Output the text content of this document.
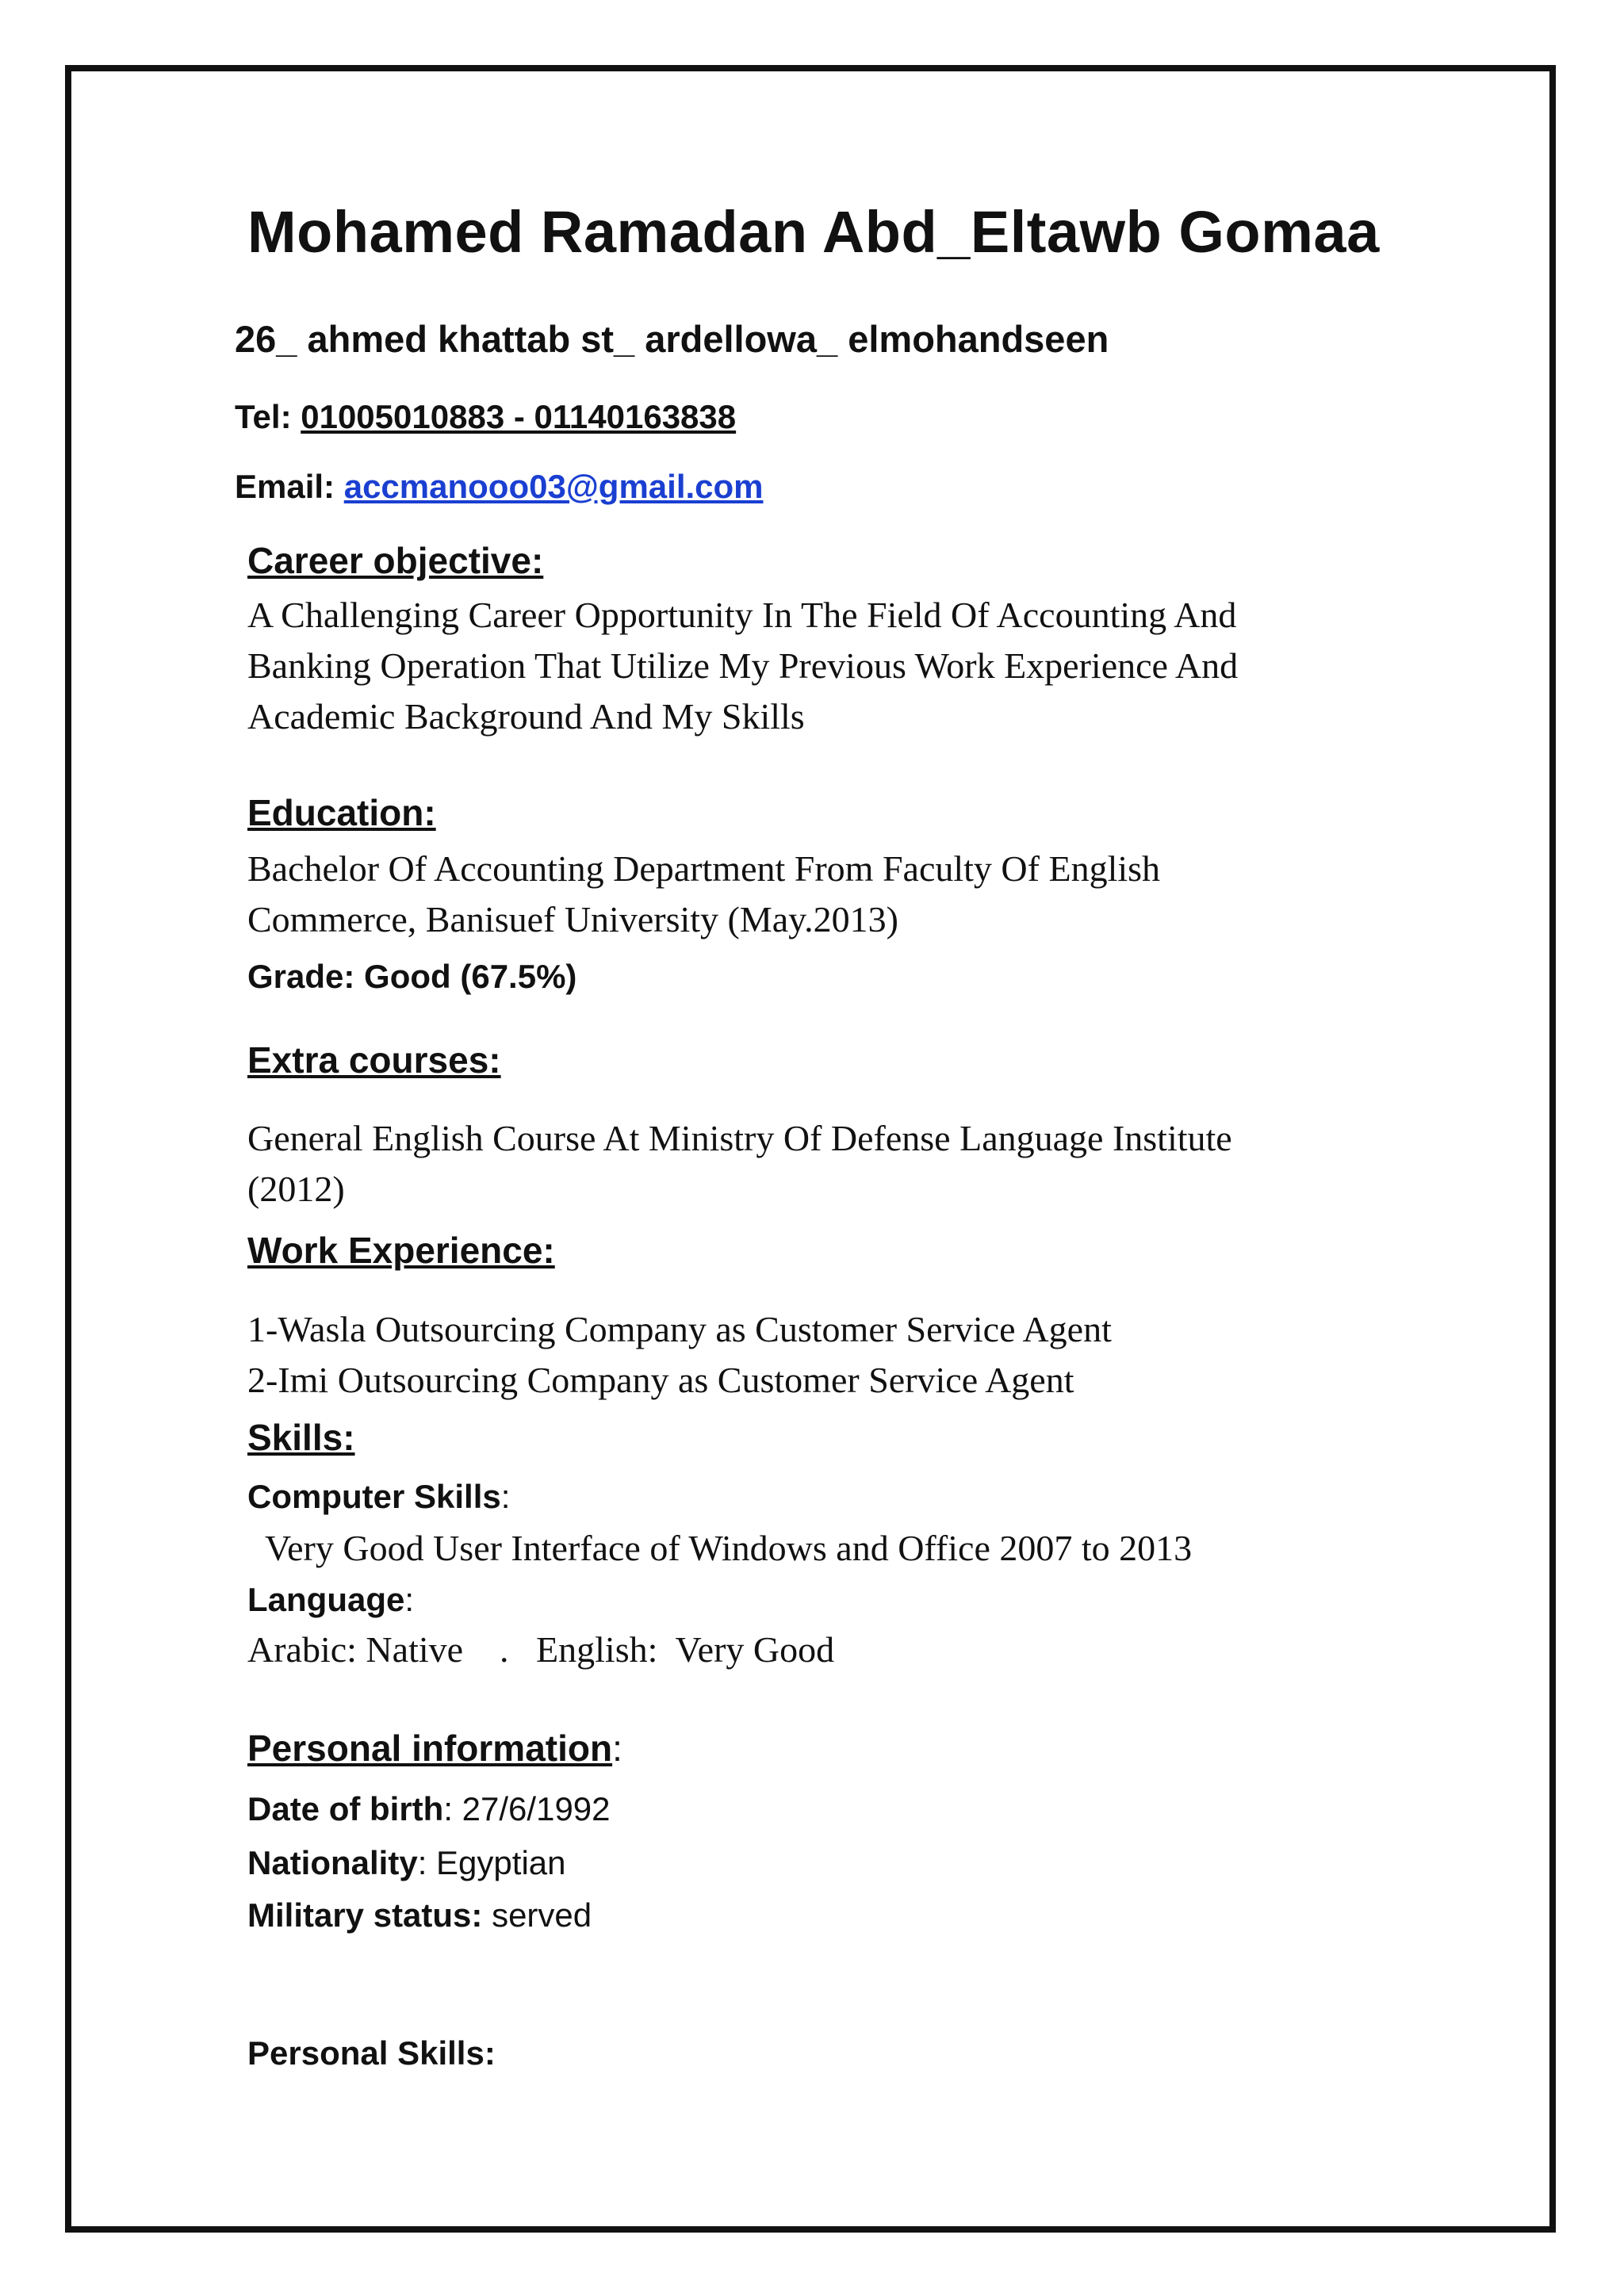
Mohamed Ramadan Abd_Eltawb Gomaa
26_ ahmed khattab st_ ardellowa_ elmohandseen
Tel: 01005010883 - 01140163838
Email: accmanooo03@gmail.com
Career objective:
A Challenging Career Opportunity In The Field Of Accounting And Banking Operation That Utilize My Previous Work Experience And Academic Background And My Skills
Education:
Bachelor Of Accounting Department From Faculty Of English Commerce, Banisuef University (May.2013)
Grade: Good (67.5%)
Extra courses:
General English Course At Ministry Of Defense Language Institute (2012)
Work Experience:
1-Wasla Outsourcing Company as Customer Service Agent
2-Imi Outsourcing Company as Customer Service Agent
Skills:
Computer Skills:
Very Good User Interface of Windows and Office 2007 to 2013
Language:
Arabic: Native    .   English:  Very Good
Personal information:
Date of birth: 27/6/1992
Nationality: Egyptian
Military status: served
Personal Skills:
